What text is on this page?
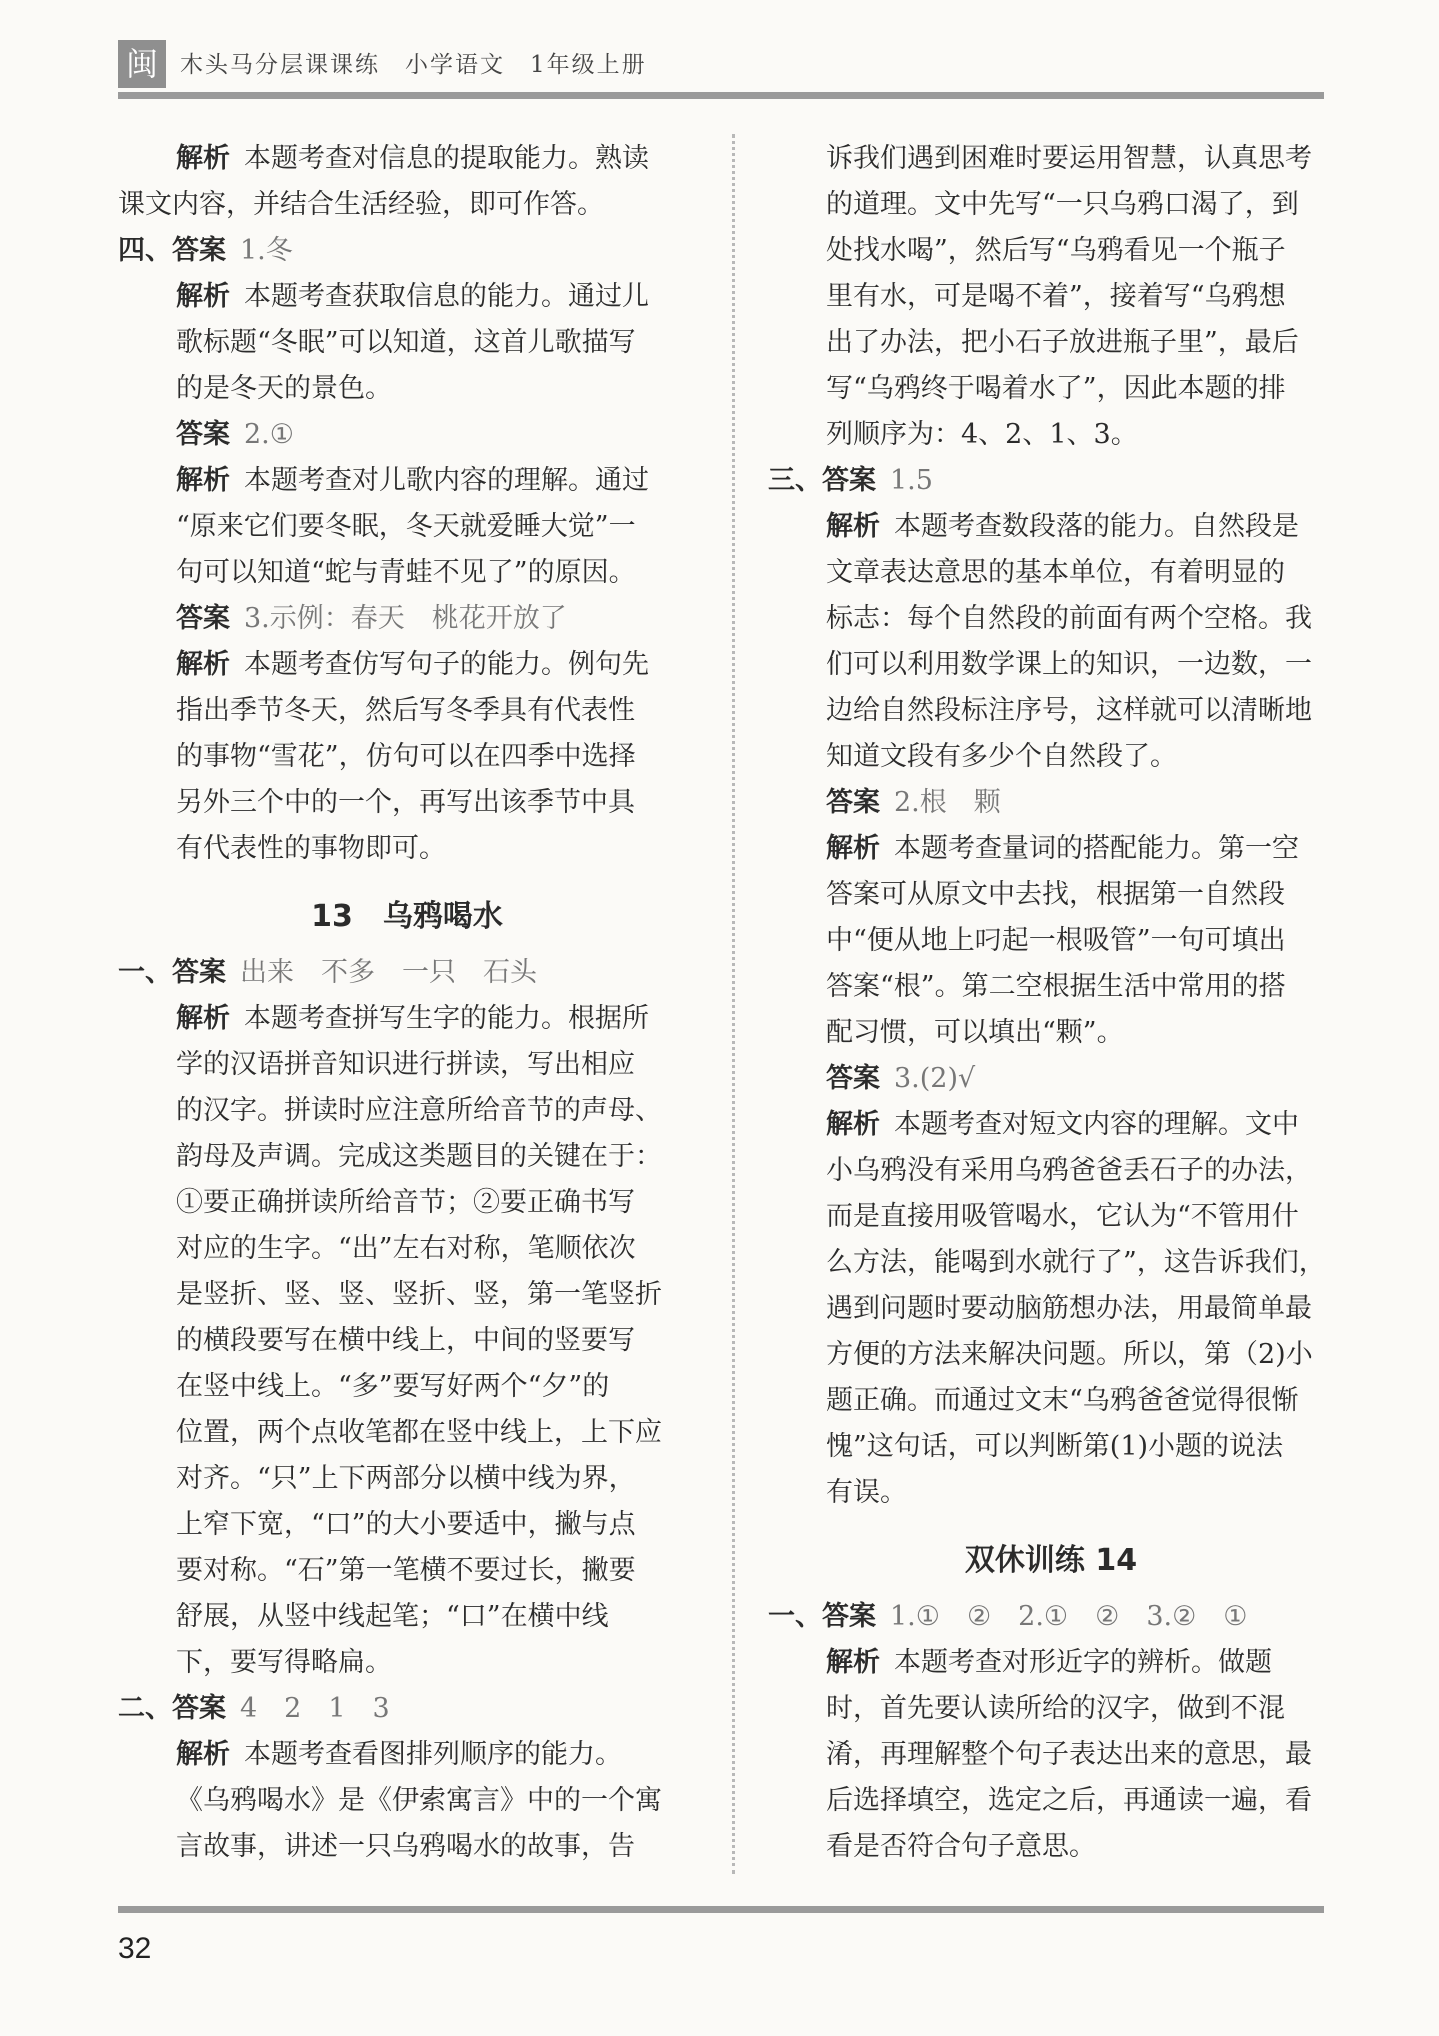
闽 木头马分层课课练　小学语文　1年级上册
解析 本题考查对信息的提取能力。熟读
课文内容，并结合生活经验，即可作答。
四、答案 1.冬
解析 本题考查获取信息的能力。通过儿
歌标题“冬眠”可以知道，这首儿歌描写
的是冬天的景色。
答案 2.①
解析 本题考查对儿歌内容的理解。通过
“原来它们要冬眠，冬天就爱睡大觉”一
句可以知道“蛇与青蛙不见了”的原因。
答案 3.示例：春天　桃花开放了
解析 本题考查仿写句子的能力。例句先
指出季节冬天，然后写冬季具有代表性
的事物“雪花”，仿句可以在四季中选择
另外三个中的一个，再写出该季节中具
有代表性的事物即可。
13　乌鸦喝水
一、答案 出来　不多　一只　石头
解析 本题考查拼写生字的能力。根据所
学的汉语拼音知识进行拼读，写出相应
的汉字。拼读时应注意所给音节的声母、
韵母及声调。完成这类题目的关键在于：
①要正确拼读所给音节；②要正确书写
对应的生字。“出”左右对称，笔顺依次
是竖折、竖、竖、竖折、竖，第一笔竖折
的横段要写在横中线上，中间的竖要写
在竖中线上。“多”要写好两个“夕”的
位置，两个点收笔都在竖中线上，上下应
对齐。“只”上下两部分以横中线为界，
上窄下宽，“口”的大小要适中，撇与点
要对称。“石”第一笔横不要过长，撇要
舒展，从竖中线起笔；“口”在横中线
下，要写得略扁。
二、答案 4　2　1　3
解析 本题考查看图排列顺序的能力。
《乌鸦喝水》是《伊索寓言》中的一个寓
言故事，讲述一只乌鸦喝水的故事，告
诉我们遇到困难时要运用智慧，认真思考
的道理。文中先写“一只乌鸦口渴了，到
处找水喝”，然后写“乌鸦看见一个瓶子
里有水，可是喝不着”，接着写“乌鸦想
出了办法，把小石子放进瓶子里”，最后
写“乌鸦终于喝着水了”，因此本题的排
列顺序为：4、2、1、3。
三、答案 1.5
解析 本题考查数段落的能力。自然段是
文章表达意思的基本单位，有着明显的
标志：每个自然段的前面有两个空格。我
们可以利用数学课上的知识，一边数，一
边给自然段标注序号，这样就可以清晰地
知道文段有多少个自然段了。
答案 2.根　颗
解析 本题考查量词的搭配能力。第一空
答案可从原文中去找，根据第一自然段
中“便从地上叼起一根吸管”一句可填出
答案“根”。第二空根据生活中常用的搭
配习惯，可以填出“颗”。
答案 3.(2)√
解析 本题考查对短文内容的理解。文中
小乌鸦没有采用乌鸦爸爸丢石子的办法，
而是直接用吸管喝水，它认为“不管用什
么方法，能喝到水就行了”，这告诉我们，
遇到问题时要动脑筋想办法，用最简单最
方便的方法来解决问题。所以，第（2)小
题正确。而通过文末“乌鸦爸爸觉得很惭
愧”这句话，可以判断第(1)小题的说法
有误。
双休训练 14
一、答案 1.①　②　2.①　②　3.②　①
解析 本题考查对形近字的辨析。做题
时，首先要认读所给的汉字，做到不混
淆，再理解整个句子表达出来的意思，最
后选择填空，选定之后，再通读一遍，看
看是否符合句子意思。
32
